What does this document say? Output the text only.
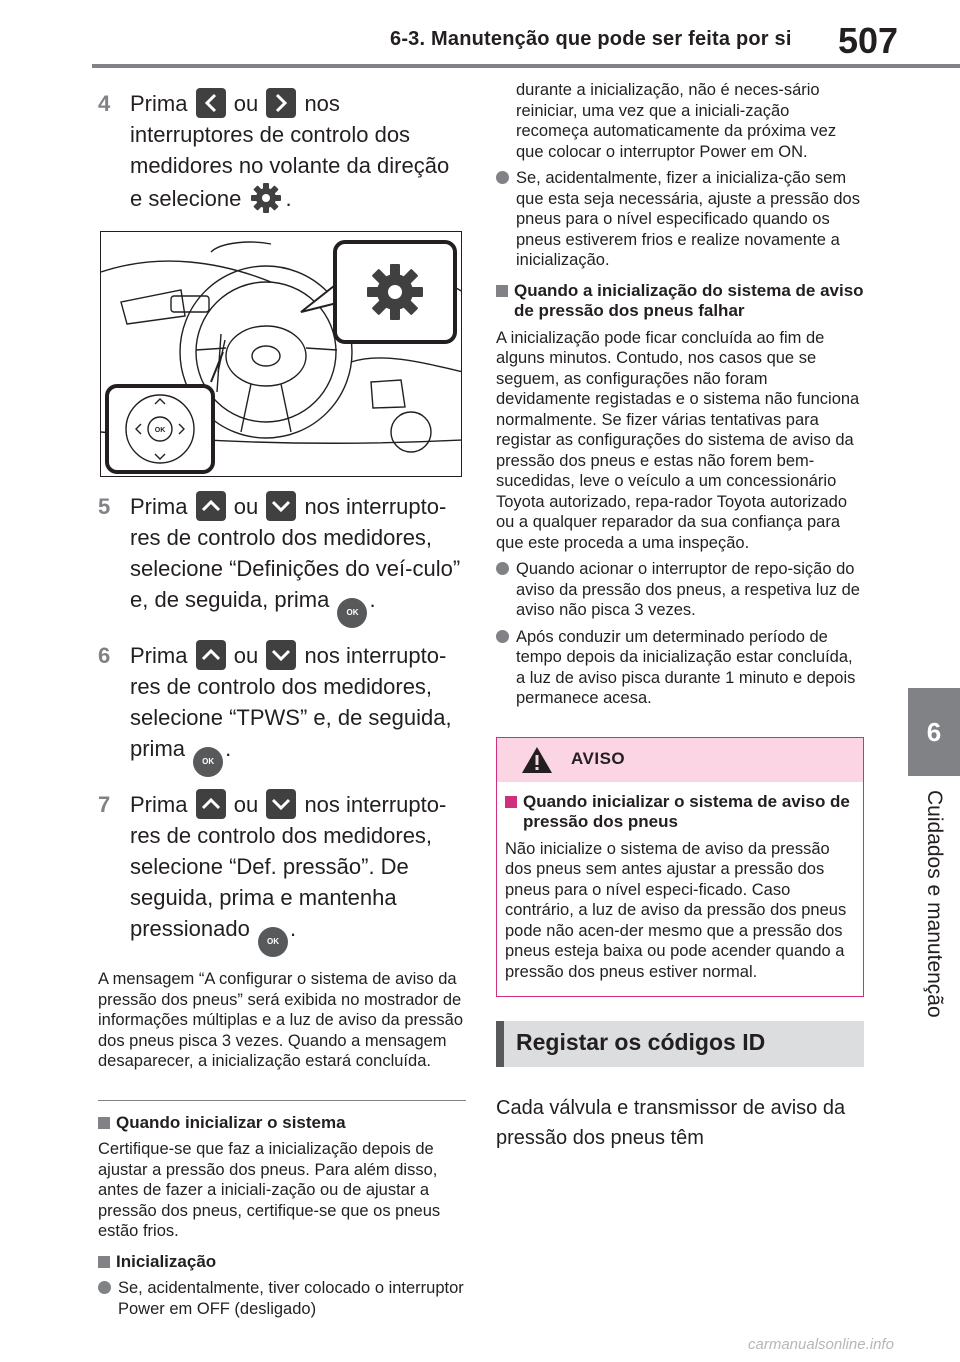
6-3. Manutenção que pode ser feita por si 507
6
Cuidados e manutenção
4 Prima ou nos interruptores de controlo dos medidores no volante da direção e selecione .
OK
5 Prima ou nos interrupto-res de controlo dos medidores, selecione “Definições do veí-culo” e, de seguida, prima OK.
6 Prima ou nos interrupto-res de controlo dos medidores, selecione “TPWS” e, de seguida, prima OK.
7 Prima ou nos interrupto-res de controlo dos medidores, selecione “Def. pressão”. De seguida, prima e mantenha pressionado OK.

A mensagem “A configurar o sistema de aviso da pressão dos pneus” será exibida no mostrador de informações múltiplas e a luz de aviso da pressão dos pneus pisca 3 vezes. Quando a mensagem desaparecer, a inicialização estará concluída.

Quando inicializar o sistema

Certifique-se que faz a inicialização depois de ajustar a pressão dos pneus. Para além disso, antes de fazer a iniciali-zação ou de ajustar a pressão dos pneus, certifique-se que os pneus estão frios.

Inicialização
Se, acidentalmente, tiver colocado o interruptor Power em OFF (desligado)

durante a inicialização, não é neces-sário reiniciar, uma vez que a iniciali-zação recomeça automaticamente da próxima vez que colocar o interruptor Power em ON.

Se, acidentalmente, fizer a inicializa-ção sem que esta seja necessária, ajuste a pressão dos pneus para o nível especificado quando os pneus estiverem frios e realize novamente a inicialização.
Quando a inicialização do sistema de aviso de pressão dos pneus falhar

A inicialização pode ficar concluída ao fim de alguns minutos. Contudo, nos casos que se seguem, as configurações não foram devidamente registadas e o sistema não funciona normalmente. Se fizer várias tentativas para registar as configurações do sistema de aviso da pressão dos pneus e estas não forem bem-sucedidas, leve o veículo a um concessionário Toyota autorizado, repa-rador Toyota autorizado ou a qualquer reparador da sua confiança para que este proceda a uma inspeção.

Quando acionar o interruptor de repo-sição do aviso da pressão dos pneus, a respetiva luz de aviso não pisca 3 vezes.
Após conduzir um determinado período de tempo depois da inicialização estar concluída, a luz de aviso pisca durante 1 minuto e depois permanece acesa.
AVISO
Quando inicializar o sistema de aviso de pressão dos pneus

Não inicialize o sistema de aviso da pressão dos pneus sem antes ajustar a pressão dos pneus para o nível especi-ficado. Caso contrário, a luz de aviso da pressão dos pneus pode não acen-der mesmo que a pressão dos pneus esteja baixa ou pode acender quando a pressão dos pneus estiver normal.

Registar os códigos ID

Cada válvula e transmissor de aviso da pressão dos pneus têm

carmanualsonline.info
